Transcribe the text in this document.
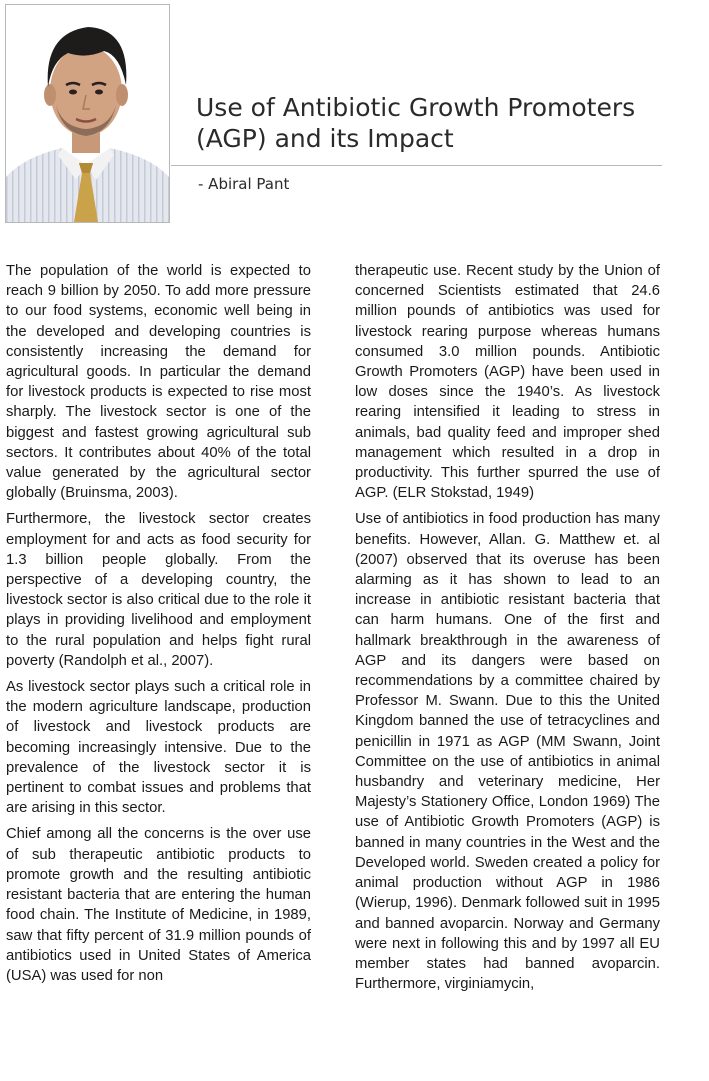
Use of Antibiotic Growth Promoters (AGP) and its Impact

- Abiral Pant

The population of the world is expected to reach 9 billion by 2050. To add more pressure to our food systems, economic well being in the developed and developing countries is consistently increasing the demand for agricultural goods. In particular the demand for livestock products is expected to rise most sharply. The livestock sector is one of the biggest and fastest growing agricultural sub sectors. It contributes about 40% of the total value generated by the agricultural sector globally (Bruinsma, 2003).

Furthermore, the livestock sector creates employment for and acts as food security for 1.3 billion people globally. From the perspective of a developing country, the livestock sector is also critical due to the role it plays in providing livelihood and employment to the rural population and helps fight rural poverty (Randolph et al., 2007).

As livestock sector plays such a critical role in the modern agriculture landscape, production of livestock and livestock products are becoming increasingly intensive. Due to the prevalence of the livestock sector it is pertinent to combat issues and problems that are arising in this sector.

Chief among all the concerns is the over use of sub therapeutic antibiotic products to promote growth and the resulting antibiotic resistant bacteria that are entering the human food chain. The Institute of Medicine, in 1989, saw that fifty percent of 31.9 million pounds of antibiotics used in United States of America (USA) was used for non

therapeutic use. Recent study by the Union of concerned Scientists estimated that 24.6 million pounds of antibiotics was used for livestock rearing purpose whereas humans consumed 3.0 million pounds. Antibiotic Growth Promoters (AGP) have been used in low doses since the 1940’s. As livestock rearing intensified it leading to stress in animals, bad quality feed and improper shed management which resulted in a drop in productivity. This further spurred the use of AGP. (ELR Stokstad, 1949)

Use of antibiotics in food production has many benefits. However, Allan. G. Matthew et. al (2007) observed that its overuse has been alarming as it has shown to lead to an increase in antibiotic resistant bacteria that can harm humans. One of the first and hallmark breakthrough in the awareness of AGP and its dangers were based on recommendations by a committee chaired by Professor M. Swann. Due to this the United Kingdom banned the use of tetracyclines and penicillin in 1971 as AGP (MM Swann, Joint Committee on the use of antibiotics in animal husbandry and veterinary medicine, Her Majesty’s Stationery Office, London 1969) The use of Antibiotic Growth Promoters (AGP) is banned in many countries in the West and the Developed world. Sweden created a policy for animal production without AGP in 1986 (Wierup, 1996). Denmark followed suit in 1995 and banned avoparcin. Norway and Germany were next in following this and by 1997 all EU member states had banned avoparcin. Furthermore, virginiamycin,
